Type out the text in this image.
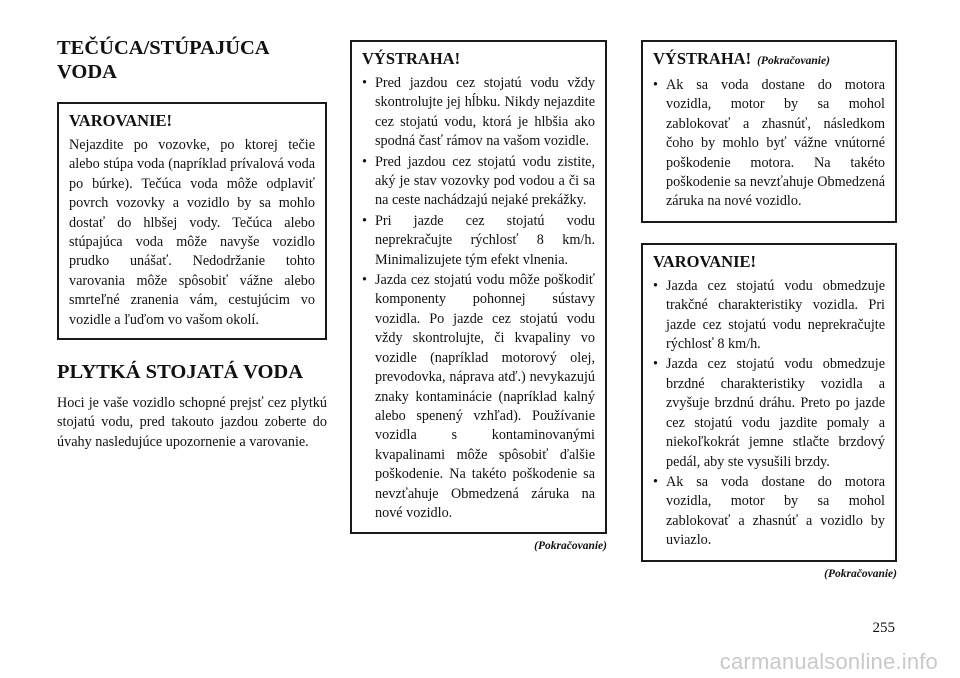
TEČÚCA/STÚPAJÚCA VODA
VAROVANIE!

Nejazdite po vozovke, po ktorej tečie alebo stúpa voda (napríklad prívalová voda po búrke). Tečúca voda môže odplaviť povrch vozovky a vozidlo by sa mohlo dostať do hlbšej vody. Tečúca alebo stúpajúca voda môže navyše vozidlo prudko unášať. Nedodržanie tohto varovania môže spôsobiť vážne alebo smrteľné zranenia vám, cestujúcim vo vozidle a ľuďom vo vašom okolí.

PLYTKÁ STOJATÁ VODA

Hoci je vaše vozidlo schopné prejsť cez plytkú stojatú vodu, pred takouto jazdou zoberte do úvahy nasledujúce upozornenie a varovanie.

VÝSTRAHA!
• Pred jazdou cez stojatú vodu vždy skontrolujte jej hĺbku. Nikdy nejazdite cez stojatú vodu, ktorá je hlbšia ako spodná časť rámov na vašom vozidle.
• Pred jazdou cez stojatú vodu zistite, aký je stav vozovky pod vodou a či sa na ceste nachádzajú nejaké prekážky.
• Pri jazde cez stojatú vodu neprekračujte rýchlosť 8 km/h. Minimalizujete tým efekt vlnenia.
• Jazda cez stojatú vodu môže poškodiť komponenty pohonnej sústavy vozidla. Po jazde cez stojatú vodu vždy skontrolujte, či kvapaliny vo vozidle (napríklad motorový olej, prevodovka, náprava atď.) nevykazujú znaky kontaminácie (napríklad kalný alebo spenený vzhľad). Používanie vozidla s kontaminovanými kvapalinami môže spôsobiť ďalšie poškodenie. Na takéto poškodenie sa nevzťahuje Obmedzená záruka na nové vozidlo.
(Pokračovanie)
VÝSTRAHA! (Pokračovanie)
• Ak sa voda dostane do motora vozidla, motor by sa mohol zablokovať a zhasnúť, následkom čoho by mohlo byť vážne vnútorné poškodenie motora. Na takéto poškodenie sa nevzťahuje Obmedzená záruka na nové vozidlo.
VAROVANIE!
• Jazda cez stojatú vodu obmedzuje trakčné charakteristiky vozidla. Pri jazde cez stojatú vodu neprekračujte rýchlosť 8 km/h.
• Jazda cez stojatú vodu obmedzuje brzdné charakteristiky vozidla a zvyšuje brzdnú dráhu. Preto po jazde cez stojatú vodu jazdite pomaly a niekoľkokrát jemne stlačte brzdový pedál, aby ste vysušili brzdy.
• Ak sa voda dostane do motora vozidla, motor by sa mohol zablokovať a zhasnúť a vozidlo by uviazlo.
(Pokračovanie)
255
carmanualsonline.info
